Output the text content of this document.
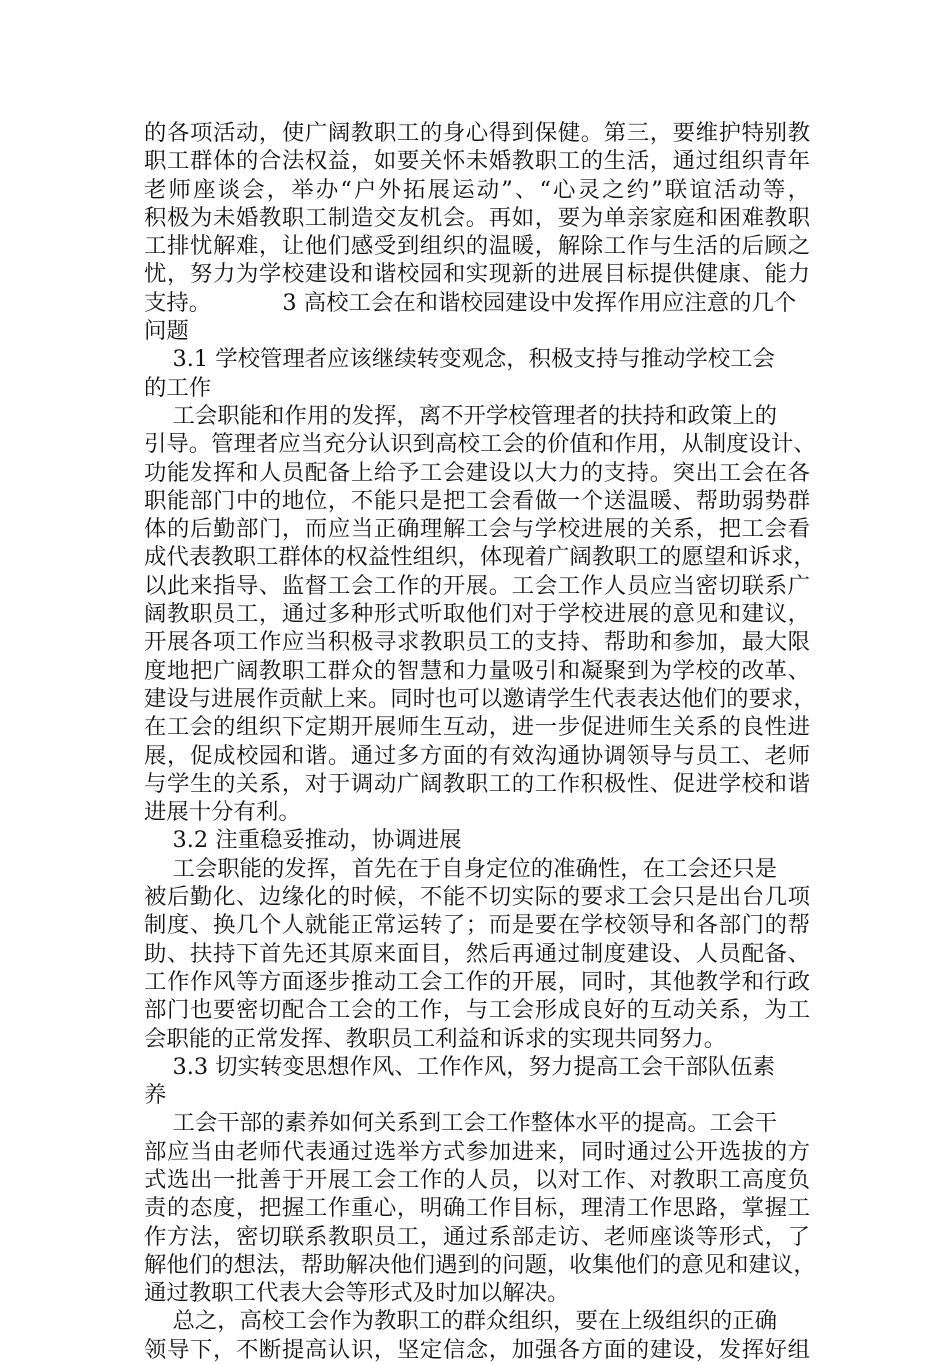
的各项活动，使广阔教职工的身心得到保健。第三，要维护特别教
职工群体的合法权益，如要关怀未婚教职工的生活，通过组织青年
老师座谈会，举办“户外拓展运动”、“心灵之约”联谊活动等，
积极为未婚教职工制造交友机会。再如，要为单亲家庭和困难教职
工排忧解难，让他们感受到组织的温暖，解除工作与生活的后顾之
忧，努力为学校建设和谐校园和实现新的进展目标提供健康、能力
支持。          3 高校工会在和谐校园建设中发挥作用应注意的几个
问题
3.1 学校管理者应该继续转变观念，积极支持与推动学校工会
的工作
工会职能和作用的发挥，离不开学校管理者的扶持和政策上的
引导。管理者应当充分认识到高校工会的价值和作用，从制度设计、
功能发挥和人员配备上给予工会建设以大力的支持。突出工会在各
职能部门中的地位，不能只是把工会看做一个送温暖、帮助弱势群
体的后勤部门，而应当正确理解工会与学校进展的关系，把工会看
成代表教职工群体的权益性组织，体现着广阔教职工的愿望和诉求，
以此来指导、监督工会工作的开展。工会工作人员应当密切联系广
阔教职员工，通过多种形式听取他们对于学校进展的意见和建议，
开展各项工作应当积极寻求教职员工的支持、帮助和参加，最大限
度地把广阔教职工群众的智慧和力量吸引和凝聚到为学校的改革、
建设与进展作贡献上来。同时也可以邀请学生代表表达他们的要求，
在工会的组织下定期开展师生互动，进一步促进师生关系的良性进
展，促成校园和谐。通过多方面的有效沟通协调领导与员工、老师
与学生的关系，对于调动广阔教职工的工作积极性、促进学校和谐
进展十分有利。
3.2 注重稳妥推动，协调进展
工会职能的发挥，首先在于自身定位的准确性，在工会还只是
被后勤化、边缘化的时候，不能不切实际的要求工会只是出台几项
制度、换几个人就能正常运转了；而是要在学校领导和各部门的帮
助、扶持下首先还其原来面目，然后再通过制度建设、人员配备、
工作作风等方面逐步推动工会工作的开展，同时，其他教学和行政
部门也要密切配合工会的工作，与工会形成良好的互动关系，为工
会职能的正常发挥、教职员工利益和诉求的实现共同努力。
3.3 切实转变思想作风、工作作风，努力提高工会干部队伍素
养
工会干部的素养如何关系到工会工作整体水平的提高。工会干
部应当由老师代表通过选举方式参加进来，同时通过公开选拔的方
式选出一批善于开展工会工作的人员，以对工作、对教职工高度负
责的态度，把握工作重心，明确工作目标，理清工作思路，掌握工
作方法，密切联系教职员工，通过系部走访、老师座谈等形式，了
解他们的想法，帮助解决他们遇到的问题，收集他们的意见和建议，
通过教职工代表大会等形式及时加以解决。
总之，高校工会作为教职工的群众组织，要在上级组织的正确
领导下，不断提高认识，坚定信念，加强各方面的建设，发挥好组
